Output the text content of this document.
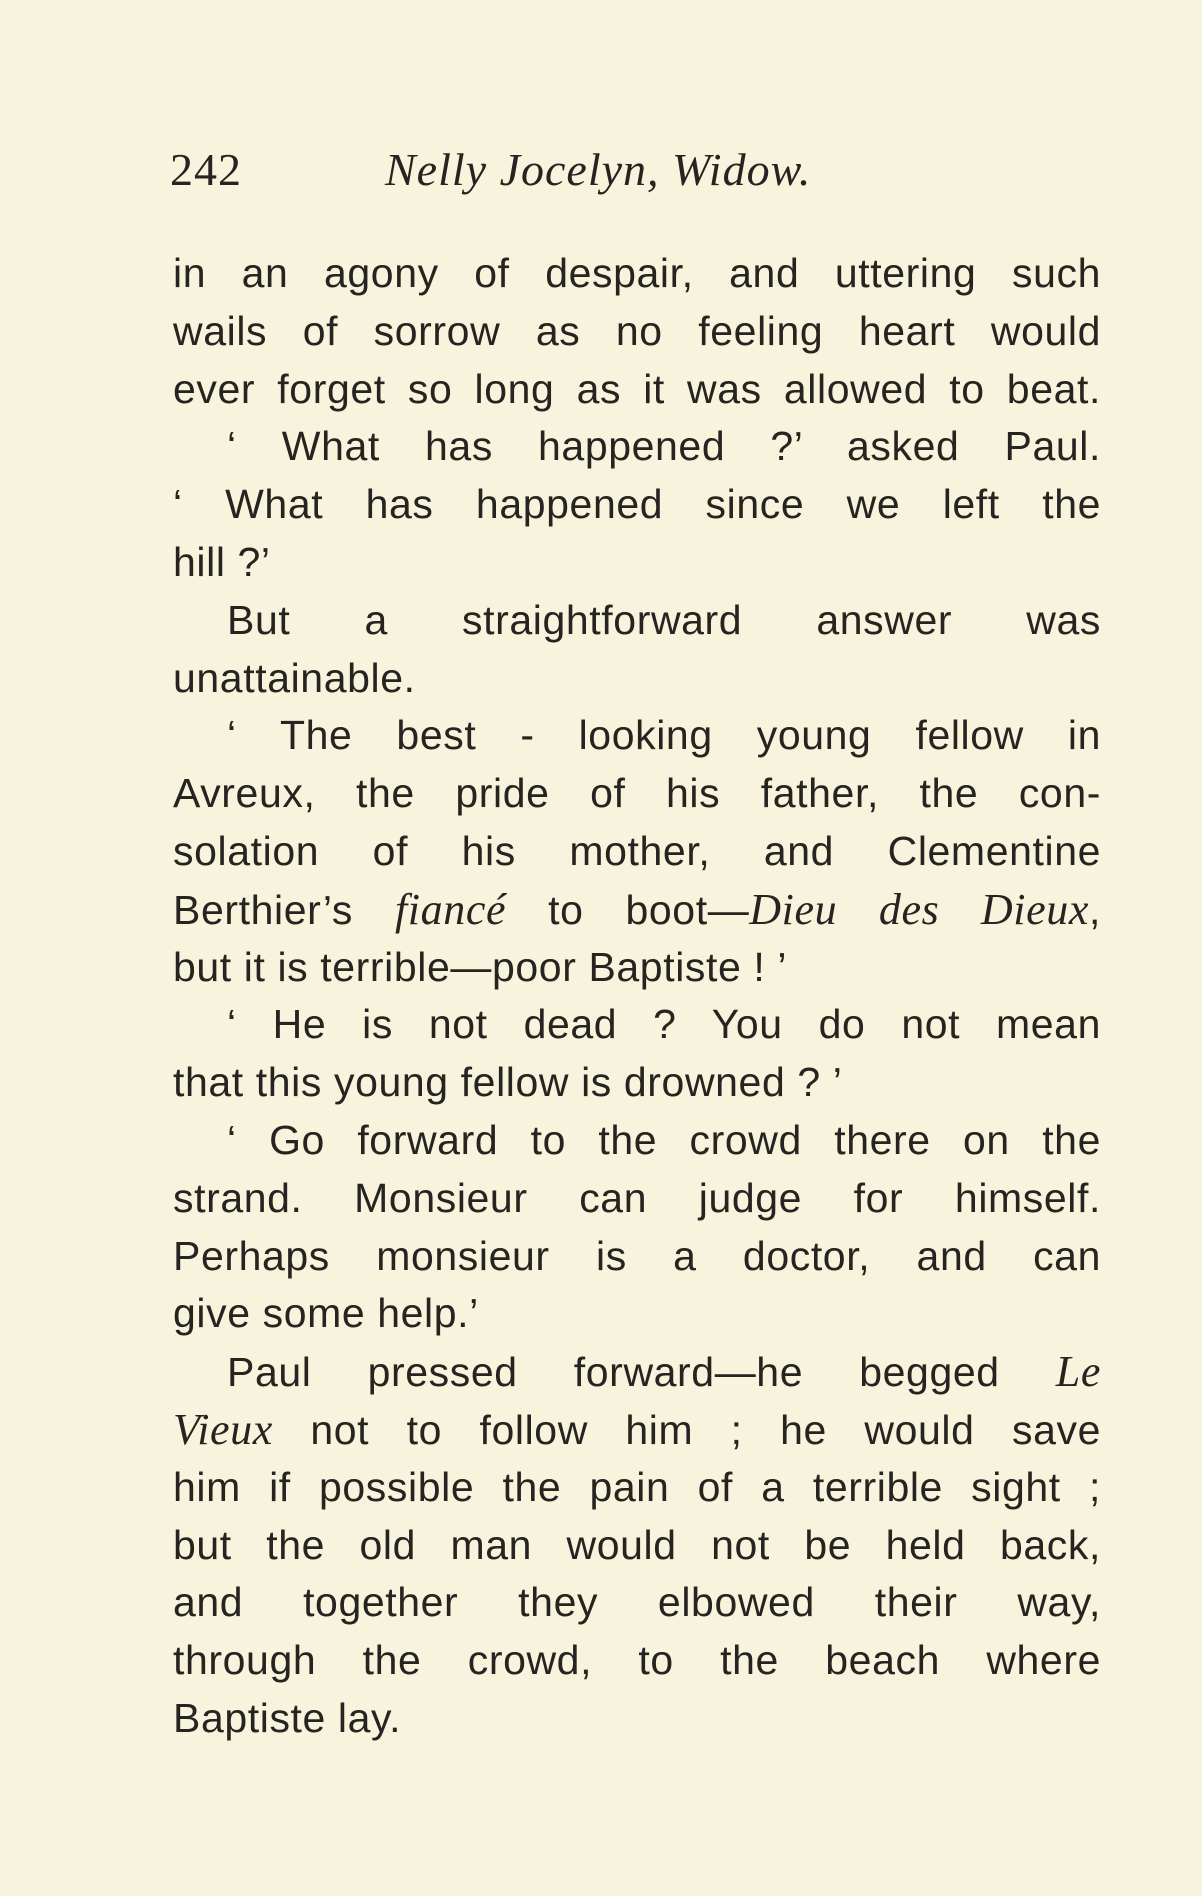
242	Nelly Jocelyn, Widow.
in an agony of despair, and uttering such
wails of sorrow as no feeling heart would
ever forget so long as it was allowed to beat.
‘ What has happened ?’ asked Paul.
‘ What has happened since we left the
hill ?’
But a straightforward answer was
unattainable.
‘ The best - looking young fellow in
Avreux, the pride of his father, the con-
solation of his mother, and Clementine
Berthier’s fiancé to boot—Dieu des Dieux,
but it is terrible—poor Baptiste ! ’
‘ He is not dead ? You do not mean
that this young fellow is drowned ? ’
‘ Go forward to the crowd there on the
strand. Monsieur can judge for himself.
Perhaps monsieur is a doctor, and can
give some help.’
Paul pressed forward—he begged Le
Vieux not to follow him ; he would save
him if possible the pain of a terrible sight ;
but the old man would not be held back,
and together they elbowed their way,
through the crowd, to the beach where
Baptiste lay.
